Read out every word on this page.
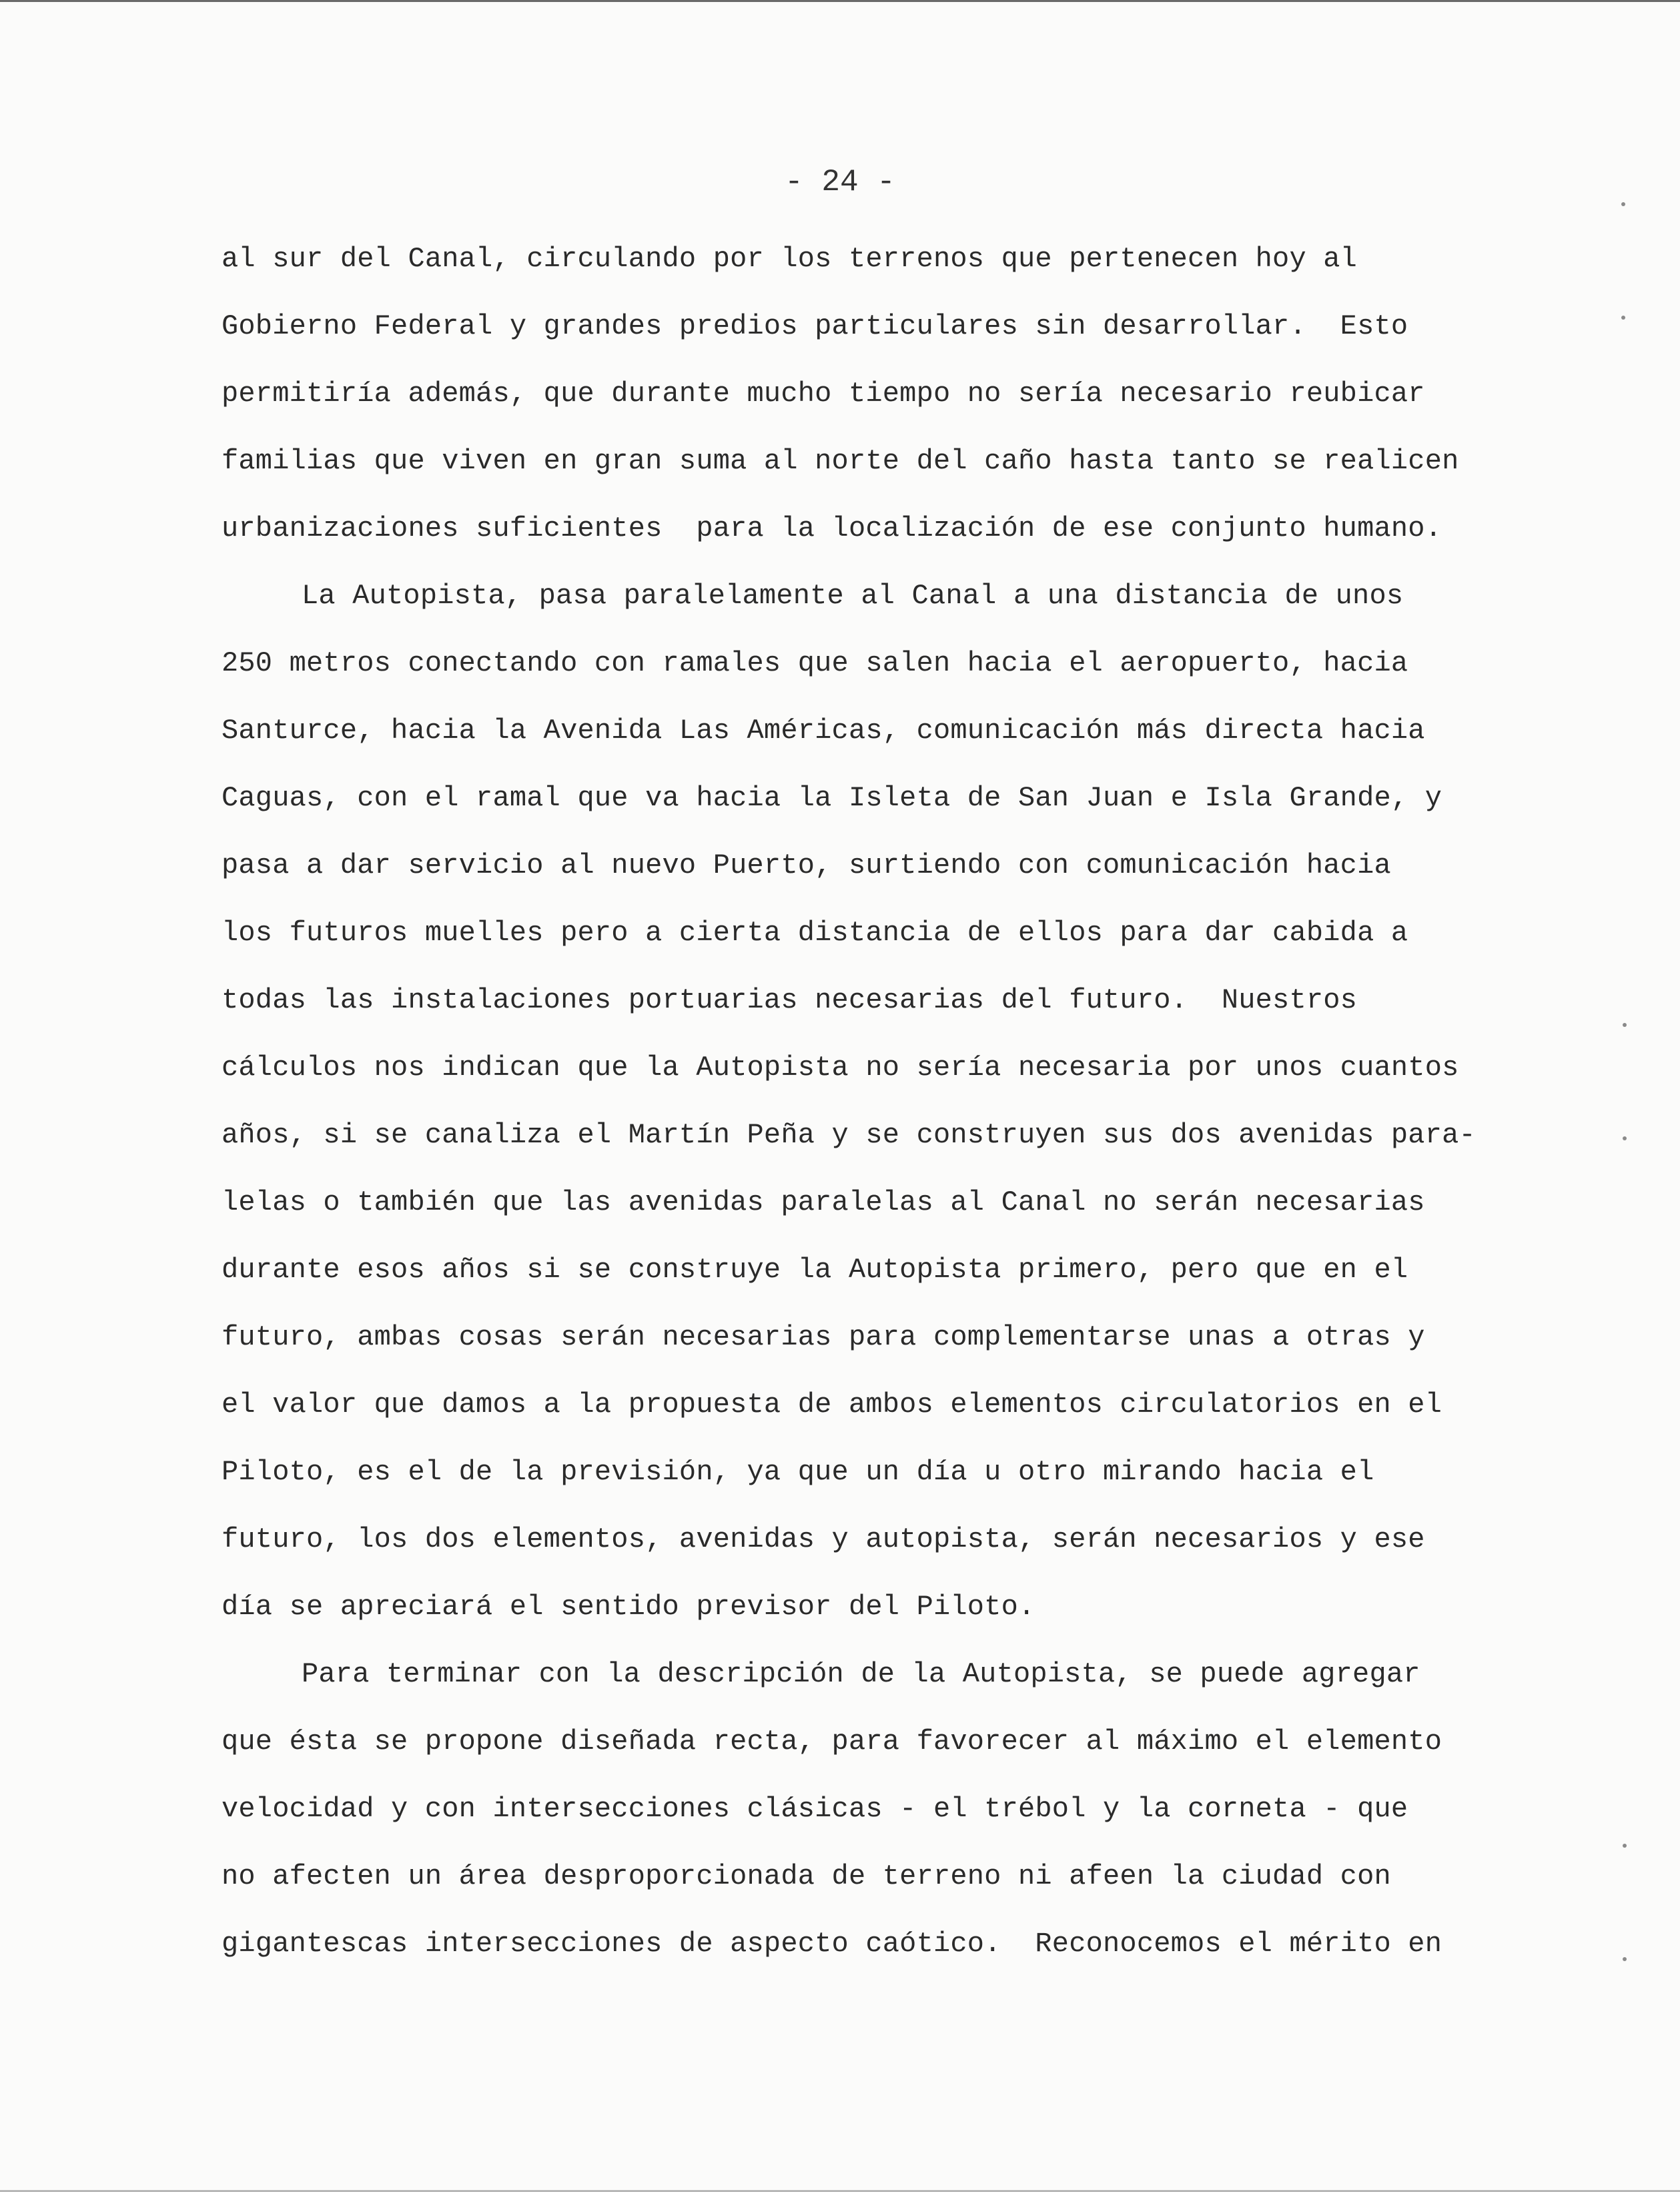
- 24 -
al sur del Canal, circulando por los terrenos que pertenecen hoy al
Gobierno Federal y grandes predios particulares sin desarrollar.  Esto
permitiría además, que durante mucho tiempo no sería necesario reubicar
familias que viven en gran suma al norte del caño hasta tanto se realicen
urbanizaciones suficientes  para la localización de ese conjunto humano.
La Autopista, pasa paralelamente al Canal a una distancia de unos
250 metros conectando con ramales que salen hacia el aeropuerto, hacia
Santurce, hacia la Avenida Las Américas, comunicación más directa hacia
Caguas, con el ramal que va hacia la Isleta de San Juan e Isla Grande, y
pasa a dar servicio al nuevo Puerto, surtiendo con comunicación hacia
los futuros muelles pero a cierta distancia de ellos para dar cabida a
todas las instalaciones portuarias necesarias del futuro.  Nuestros
cálculos nos indican que la Autopista no sería necesaria por unos cuantos
años, si se canaliza el Martín Peña y se construyen sus dos avenidas para-
lelas o también que las avenidas paralelas al Canal no serán necesarias
durante esos años si se construye la Autopista primero, pero que en el
futuro, ambas cosas serán necesarias para complementarse unas a otras y
el valor que damos a la propuesta de ambos elementos circulatorios en el
Piloto, es el de la previsión, ya que un día u otro mirando hacia el
futuro, los dos elementos, avenidas y autopista, serán necesarios y ese
día se apreciará el sentido previsor del Piloto.
Para terminar con la descripción de la Autopista, se puede agregar
que ésta se propone diseñada recta, para favorecer al máximo el elemento
velocidad y con intersecciones clásicas - el trébol y la corneta - que
no afecten un área desproporcionada de terreno ni afeen la ciudad con
gigantescas intersecciones de aspecto caótico.  Reconocemos el mérito en
